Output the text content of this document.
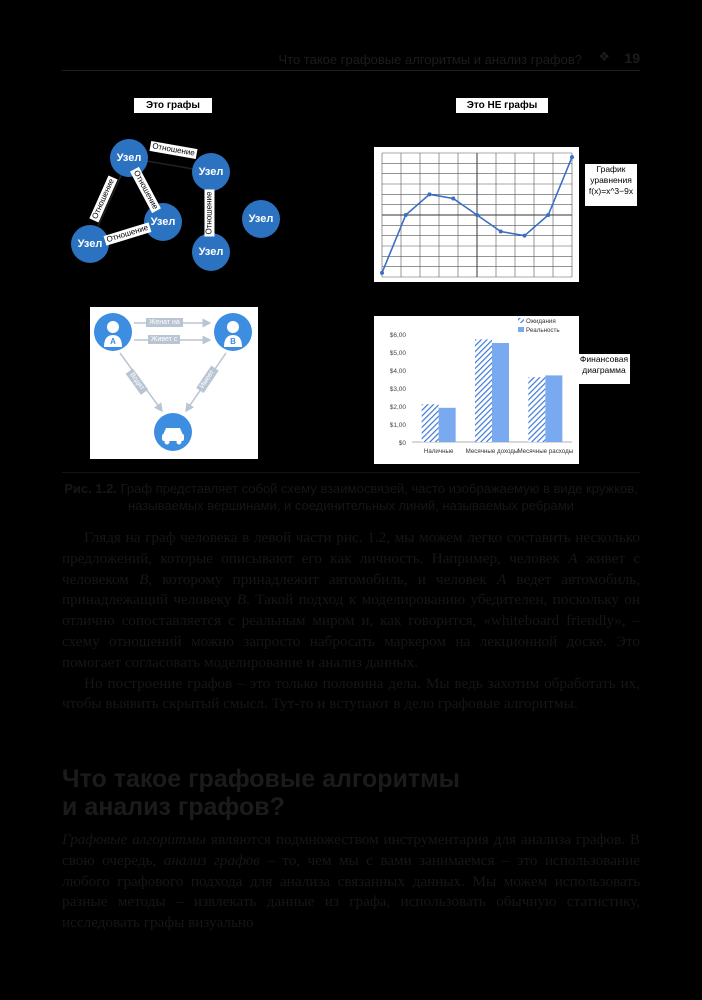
Что такое графовые алгоритмы и анализ графов? ❖ 19
Это графы	Это НЕ графы
Узел
Узел
Узел	Узел
Узел
Узел
Отношение
Отношение
Отношение
Отношение	Отношение
A	B
Женат на
Живет с
Водит	Имеет
График уравнения f(x)=x^3−9x
$0
$1,00
$2,00
$3,00
$4,00
$5,00
$6,00
Наличные Месячные доходы Месячные расходы
Ожидания
Реальность
Финансовая диаграмма
Рис. 1.2. Граф представляет собой схему взаимосвязей, часто изображаемую в виде кружков, называемых вершинами, и соединительных линий, называемых ребрами

Глядя на граф человека в левой части рис. 1.2, мы можем легко составить несколько предложений, которые описывают его как личность. Например, человек A живет с человеком B, которому принадлежит автомобиль, и человек A ведет автомобиль, принадлежащий человеку B. Такой подход к моделированию убедителен, поскольку он отлично сопоставляется с реальным миром и, как говорится, «whiteboard friendly», – схему отношений можно запросто набросать маркером на лекционной доске. Это помогает согласовать моделирование и анализ данных.

Но построение графов – это только половина дела. Мы ведь захотим обработать их, чтобы выявить скрытый смысл. Тут-то и вступают в дело графовые алгоритмы.

Что такое графовые алгоритмы
и анализ графов?

Графовые алгоритмы являются подмножеством инструментария для анализа графов. В свою очередь, анализ графов – то, чем мы с вами занимаемся – это использование любого графового подхода для анализа связанных данных. Мы можем использовать разные методы – извлекать данные из графа, использовать обычную статистику, исследовать графы визуально
